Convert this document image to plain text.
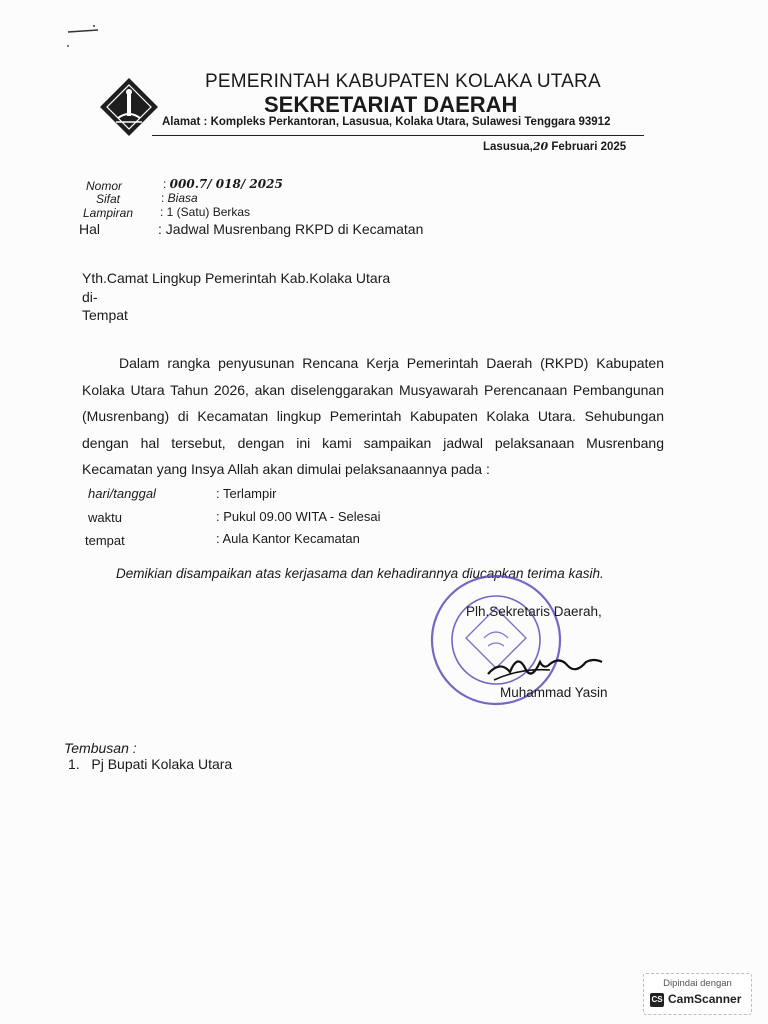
PEMERINTAH KABUPATEN KOLAKA UTARA
SEKRETARIAT DAERAH
Alamat : Kompleks Perkantoran, Lasusua, Kolaka Utara, Sulawesi Tenggara 93912
Lasusua,20 Februari 2025
Nomor	: 000.7/ 018/ 2025
Sifat	: Biasa
Lampiran : 1 (Satu) Berkas
Hal	: Jadwal Musrenbang RKPD di Kecamatan
Yth.Camat Lingkup Pemerintah Kab.Kolaka Utara
di-
Tempat

Dalam rangka penyusunan Rencana Kerja Pemerintah Daerah (RKPD) Kabupaten Kolaka Utara Tahun 2026, akan diselenggarakan Musyawarah Perencanaan Pembangunan (Musrenbang) di Kecamatan lingkup Pemerintah Kabupaten Kolaka Utara. Sehubungan dengan hal tersebut, dengan ini kami sampaikan jadwal pelaksanaan Musrenbang Kecamatan yang Insya Allah akan dimulai pelaksanaannya pada :

hari/tanggal	: Terlampir
waktu	: Pukul 09.00 WITA - Selesai
tempat	: Aula Kantor Kecamatan
Demikian disampaikan atas kerjasama dan kehadirannya diucapkan terima kasih.
Plh.Sekretaris Daerah,
Muhammad Yasin
Tembusan :
1. Pj Bupati Kolaka Utara
Dipindai dengan
CS CamScanner
